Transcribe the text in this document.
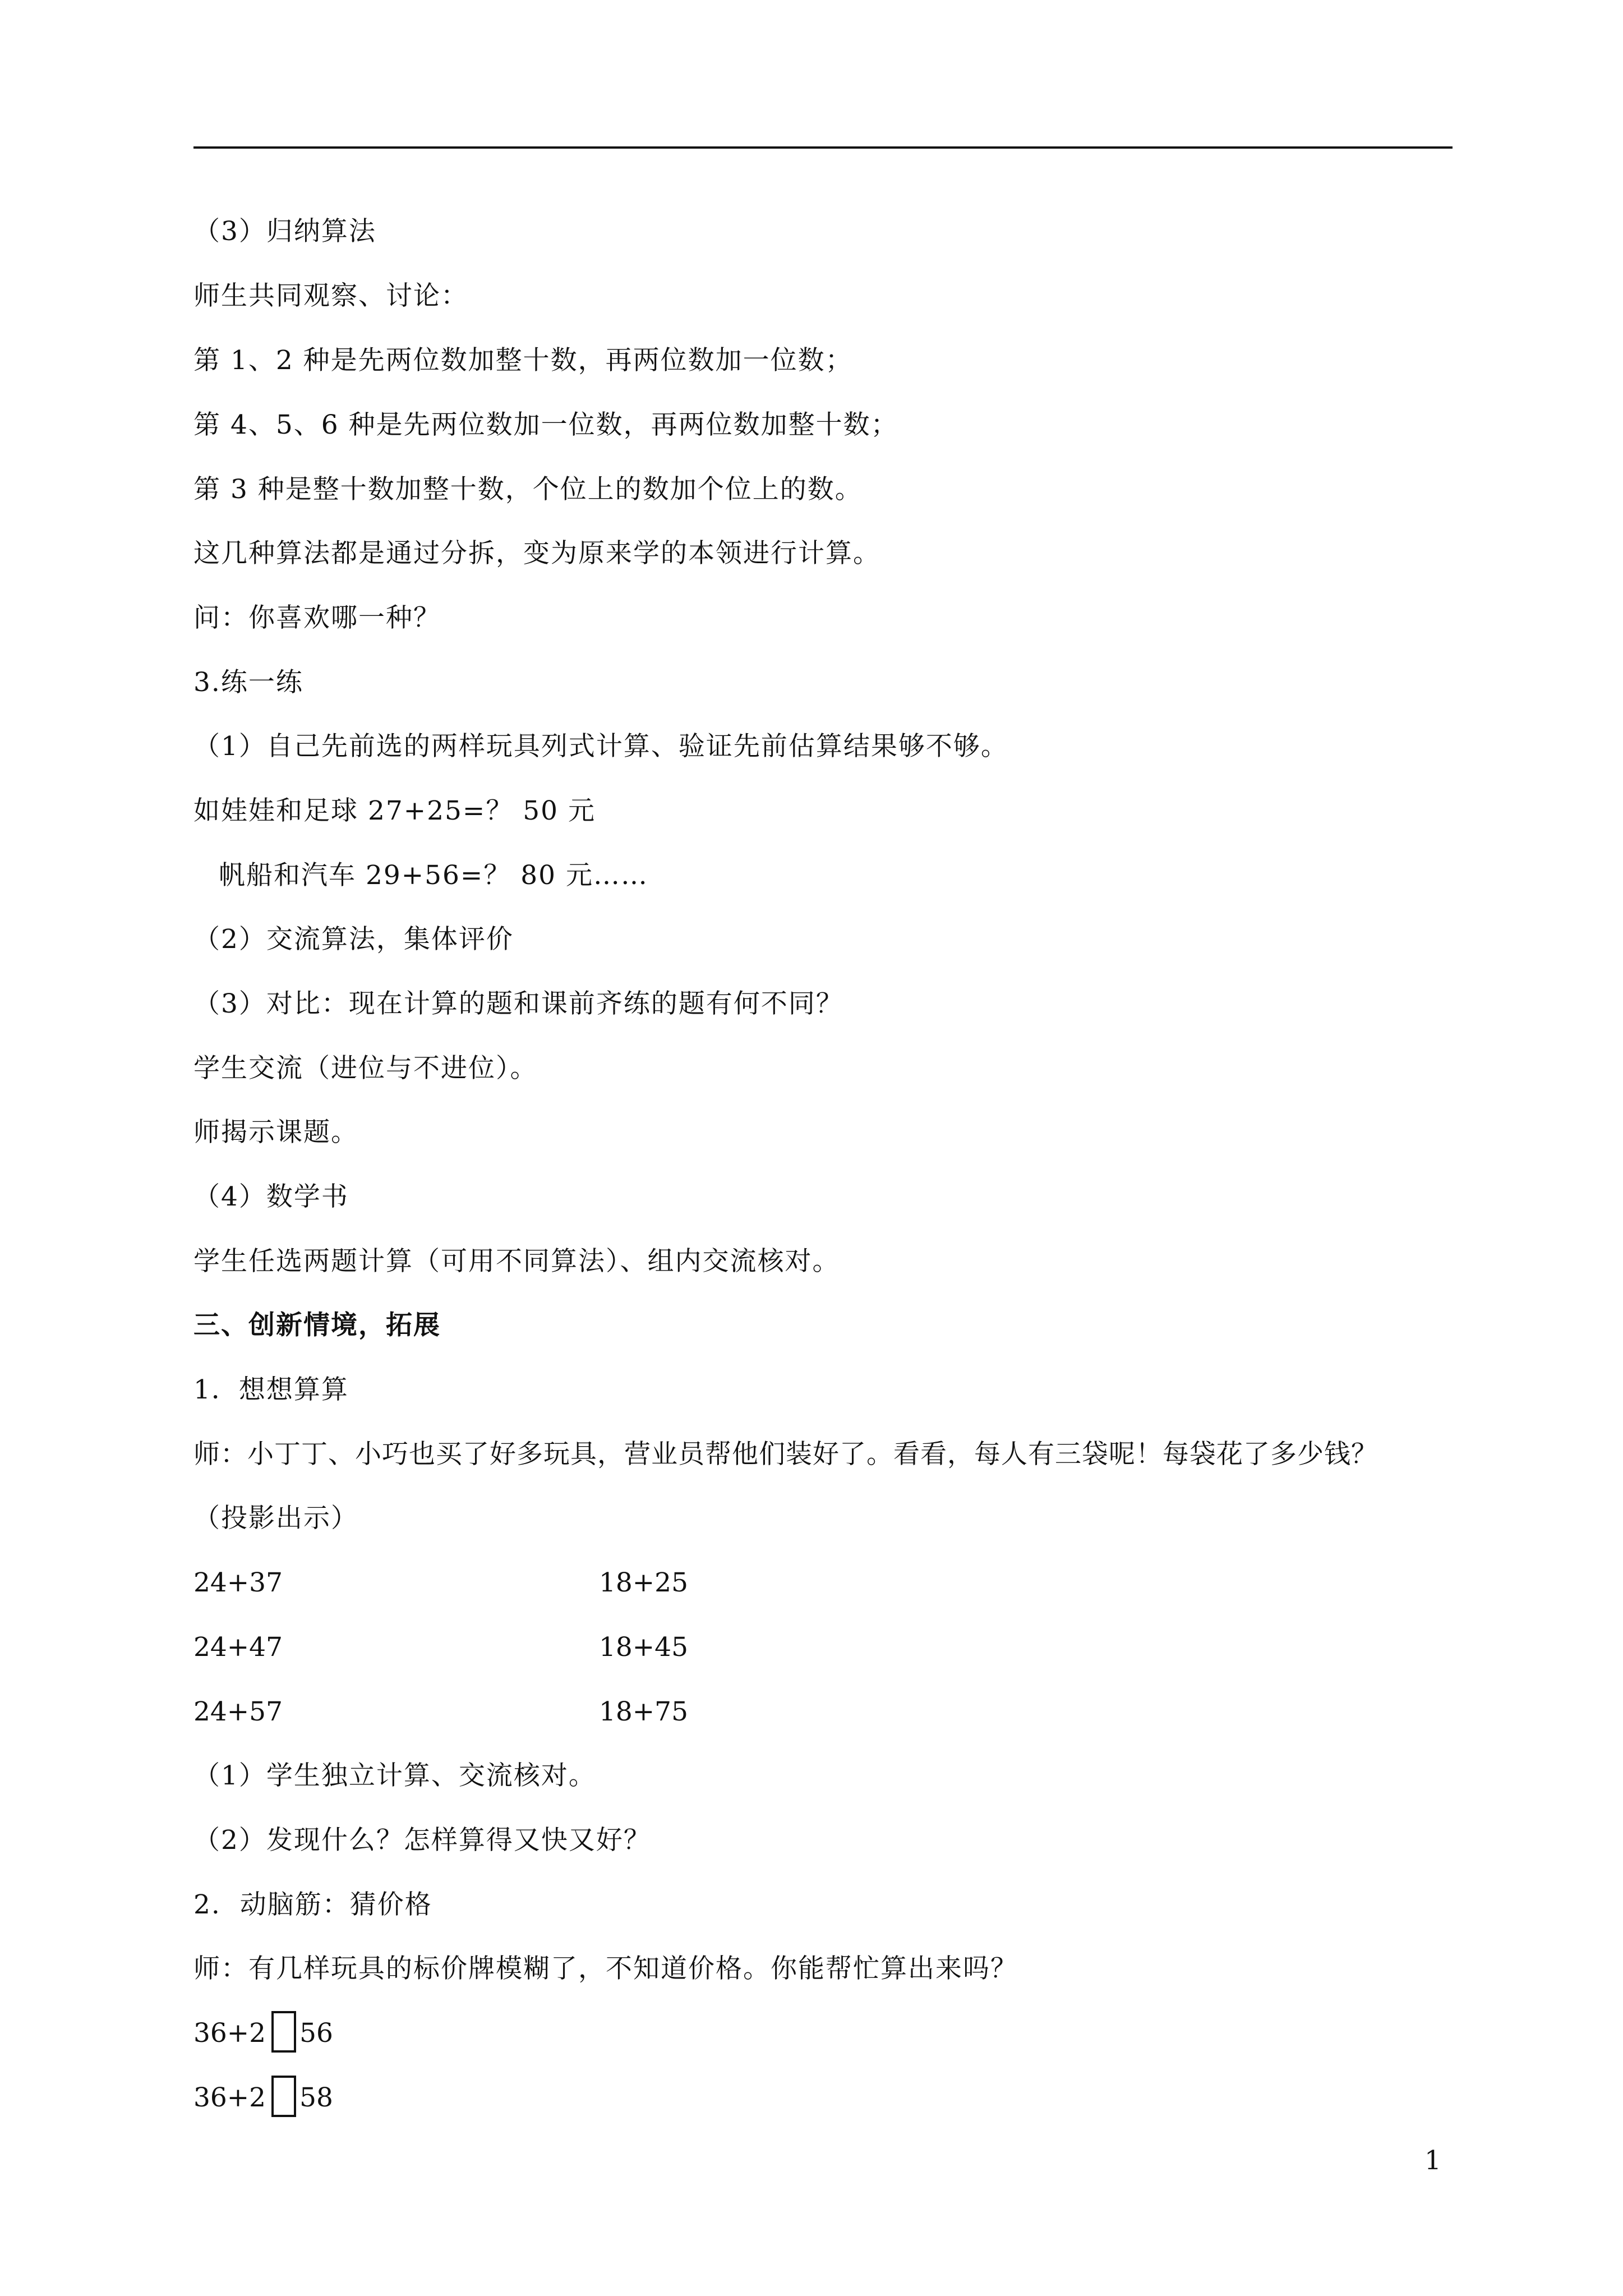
（3）归纳算法
师生共同观察、讨论：
第 1、2 种是先两位数加整十数，再两位数加一位数；
第 4、5、6 种是先两位数加一位数，再两位数加整十数；
第 3 种是整十数加整十数，个位上的数加个位上的数。
这几种算法都是通过分拆，变为原来学的本领进行计算。
问：你喜欢哪一种？
3.练一练
（1）自己先前选的两样玩具列式计算、验证先前估算结果够不够。
如娃娃和足球 27+25=？ 50 元
帆船和汽车 29+56=？ 80 元……
（2）交流算法，集体评价
（3）对比：现在计算的题和课前齐练的题有何不同？
学生交流（进位与不进位）。
师揭示课题。
（4）数学书
学生任选两题计算（可用不同算法）、组内交流核对。
三、创新情境，拓展
1．想想算算
师：小丁丁、小巧也买了好多玩具，营业员帮他们装好了。看看，每人有三袋呢！每袋花了多少钱？
（投影出示）
24+37	18+25
24+47	18+45
24+57	18+75
（1）学生独立计算、交流核对。
（2）发现什么？怎样算得又快又好？
2.  动脑筋：猜价格
师：有几样玩具的标价牌模糊了，不知道价格。你能帮忙算出来吗？
36+2 56
36+2 58
1
